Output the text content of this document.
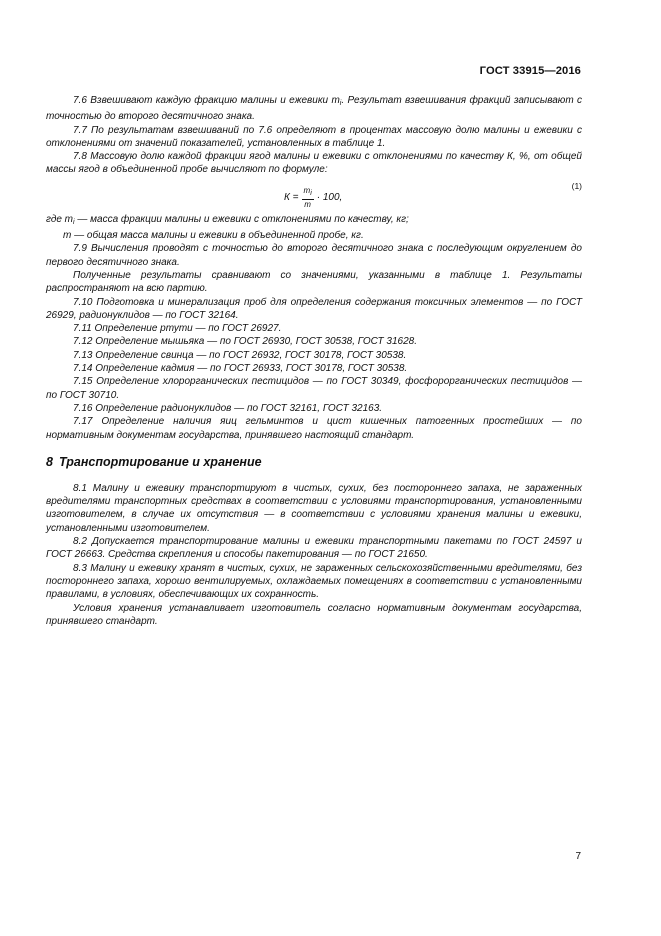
ГОСТ 33915—2016

7.6 Взвешивают каждую фракцию малины и ежевики $m_i$. Результат взвешивания фракций записывают с точностью до второго десятичного знака.

7.7 По результатам взвешиваний по 7.6 определяют в процентах массовую долю малины и ежевики с отклонениями от значений показателей, установленных в таблице 1.

7.8 Массовую долю каждой фракции ягод малины и ежевики с отклонениями по качеству К, %, от общей массы ягод в объединенной пробе вычисляют по формуле:

$К = \frac{m_i}{m} \cdot 100$,
(1)

где $m_i$ — масса фракции малины и ежевики с отклонениями по качеству, кг;

m — общая масса малины и ежевики в объединенной пробе, кг.

7.9 Вычисления проводят с точностью до второго десятичного знака с последующим округлением до первого десятичного знака.

Полученные результаты сравнивают со значениями, указанными в таблице 1. Результаты распространяют на всю партию.

7.10 Подготовка и минерализация проб для определения содержания токсичных элементов — по ГОСТ 26929, радионуклидов — по ГОСТ 32164.

7.11 Определение ртути — по ГОСТ 26927.

7.12 Определение мышьяка — по ГОСТ 26930, ГОСТ 30538, ГОСТ 31628.

7.13 Определение свинца — по ГОСТ 26932, ГОСТ 30178, ГОСТ 30538.

7.14 Определение кадмия — по ГОСТ 26933, ГОСТ 30178, ГОСТ 30538.

7.15 Определение хлорорганических пестицидов — по ГОСТ 30349, фосфорорганических пестицидов — по ГОСТ 30710.

7.16 Определение радионуклидов — по ГОСТ 32161, ГОСТ 32163.

7.17 Определение наличия яиц гельминтов и цист кишечных патогенных простейших — по нормативным документам государства, принявшего настоящий стандарт.

8 Транспортирование и хранение

8.1 Малину и ежевику транспортируют в чистых, сухих, без постороннего запаха, не зараженных вредителями транспортных средствах в соответствии с условиями транспортирования, установленными изготовителем, в случае их отсутствия — в соответствии с условиями хранения малины и ежевики, установленными изготовителем.

8.2 Допускается транспортирование малины и ежевики транспортными пакетами по ГОСТ 24597 и ГОСТ 26663. Средства скрепления и способы пакетирования — по ГОСТ 21650.

8.3 Малину и ежевику хранят в чистых, сухих, не зараженных сельскохозяйственными вредителями, без постороннего запаха, хорошо вентилируемых, охлаждаемых помещениях в соответствии с установленными правилами, в условиях, обеспечивающих их сохранность.

Условия хранения устанавливает изготовитель согласно нормативным документам государства, принявшего стандарт.

7
